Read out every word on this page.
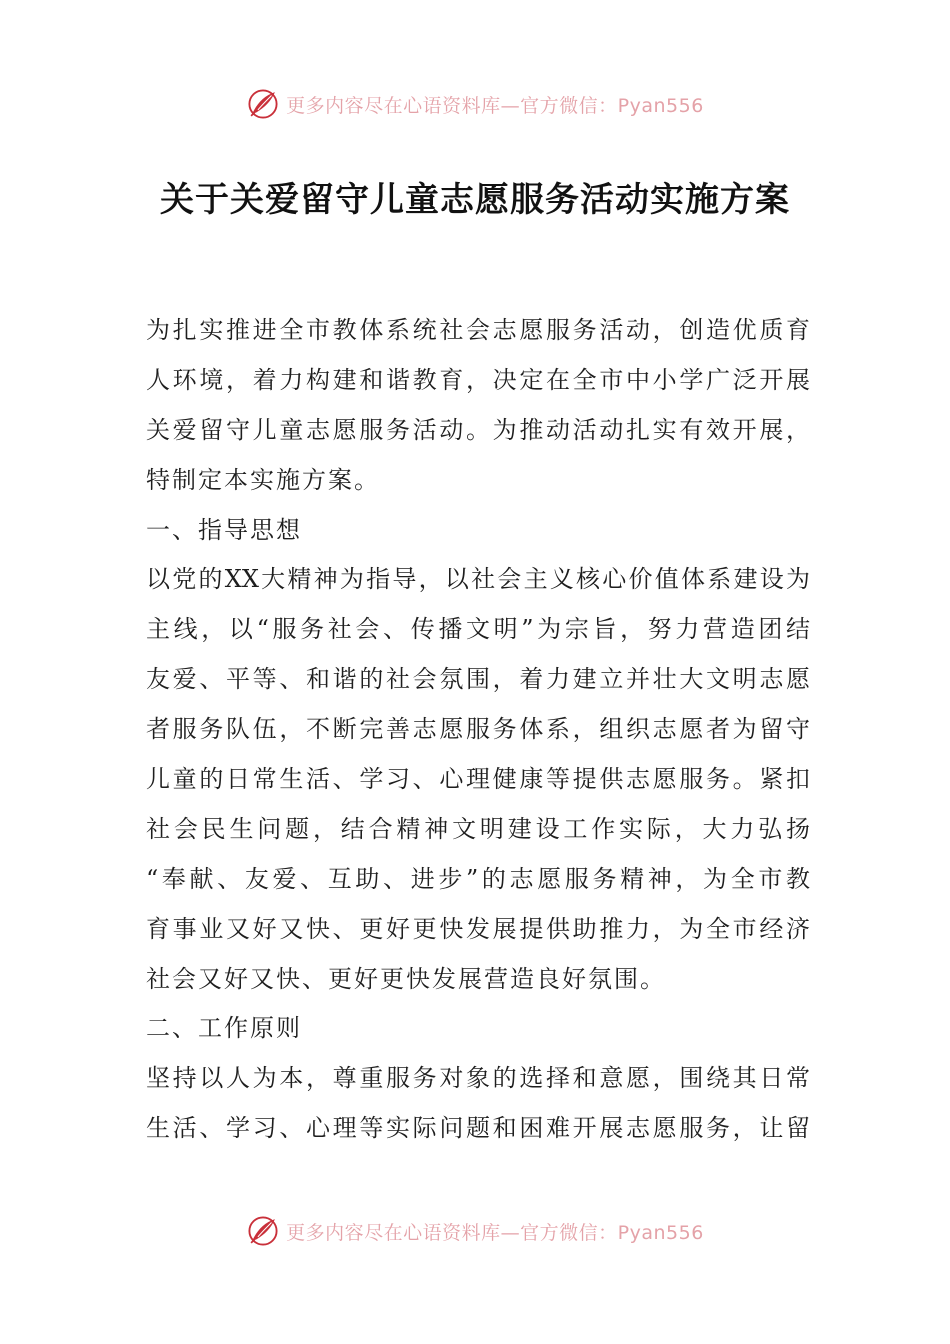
更多内容尽在心语资料库—官方微信：Pyan556
关于关爱留守儿童志愿服务活动实施方案
为扎实推进全市教体系统社会志愿服务活动，创造优质育
人环境，着力构建和谐教育，决定在全市中小学广泛开展
关爱留守儿童志愿服务活动。为推动活动扎实有效开展，
特制定本实施方案。
一、指导思想
以党的XX大精神为指导，以社会主义核心价值体系建设为
主线，以“服务社会、传播文明”为宗旨，努力营造团结
友爱、平等、和谐的社会氛围，着力建立并壮大文明志愿
者服务队伍，不断完善志愿服务体系，组织志愿者为留守
儿童的日常生活、学习、心理健康等提供志愿服务。紧扣
社会民生问题，结合精神文明建设工作实际，大力弘扬
“奉献、友爱、互助、进步”的志愿服务精神，为全市教
育事业又好又快、更好更快发展提供助推力，为全市经济
社会又好又快、更好更快发展营造良好氛围。
二、工作原则
坚持以人为本，尊重服务对象的选择和意愿，围绕其日常
生活、学习、心理等实际问题和困难开展志愿服务，让留
更多内容尽在心语资料库—官方微信：Pyan556
